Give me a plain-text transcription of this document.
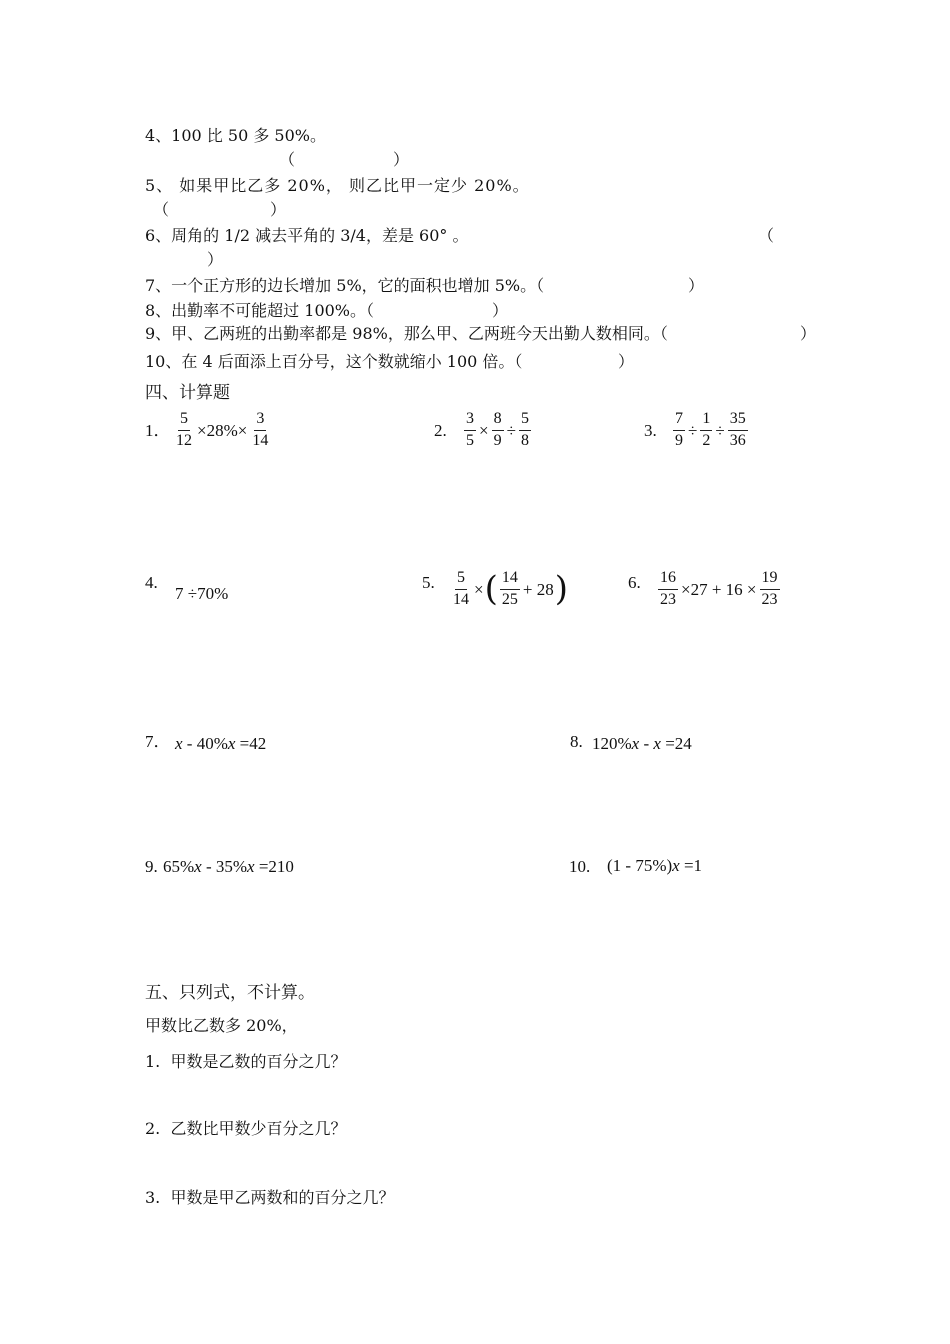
4、100 比 50 多 50%。
（	）
5、 如果甲比乙多 20%， 则乙比甲一定少 20%。
（	）
6、周角的 1/2 减去平角的 3/4，差是 60° 。	（
）
7、一个正方形的边长增加 5%，它的面积也增加 5%。（	）
8、出勤率不可能超过 100%。（	）
9、甲、乙两班的出勤率都是 98%，那么甲、乙两班今天出勤人数相同。（	）
10、在 4 后面添上百分号，这个数就缩小 100 倍。（	）
四、计算题
1． $\frac{5}{12} \times 28\%\times \frac{3}{14}$	2. $\frac{3}{5} \times \frac{8}{9} \div \frac{5}{8}$	3. $\frac{7}{9} \div \frac{1}{2} \div \frac{35}{36}$
4.
7 ÷70%
5. $\frac{5}{14}$ × ( $\frac{14}{25} + 28$ )	6. $\frac{16}{23} \times 27 + 16 \times \frac{19}{23}$
7． x - 40%x =42	8. 120%x - x =24
9. 65%x - 35%x =210	10. (1 - 75%)x =1
五、只列式，不计算。
甲数比乙数多 20%，
1. 甲数是乙数的百分之几？
2. 乙数比甲数少百分之几？
3. 甲数是甲乙两数和的百分之几？
